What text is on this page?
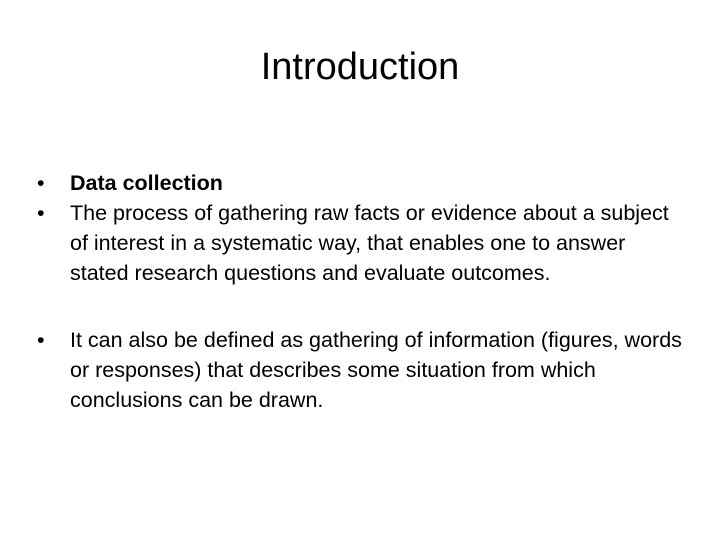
Introduction
•	Data collection
•	The process of gathering raw facts or evidence about a subject of interest in a systematic way, that enables one to answer stated research questions and evaluate outcomes.
•	It can also be defined as gathering of information (figures, words or responses) that describes some situation from which conclusions can be drawn.
